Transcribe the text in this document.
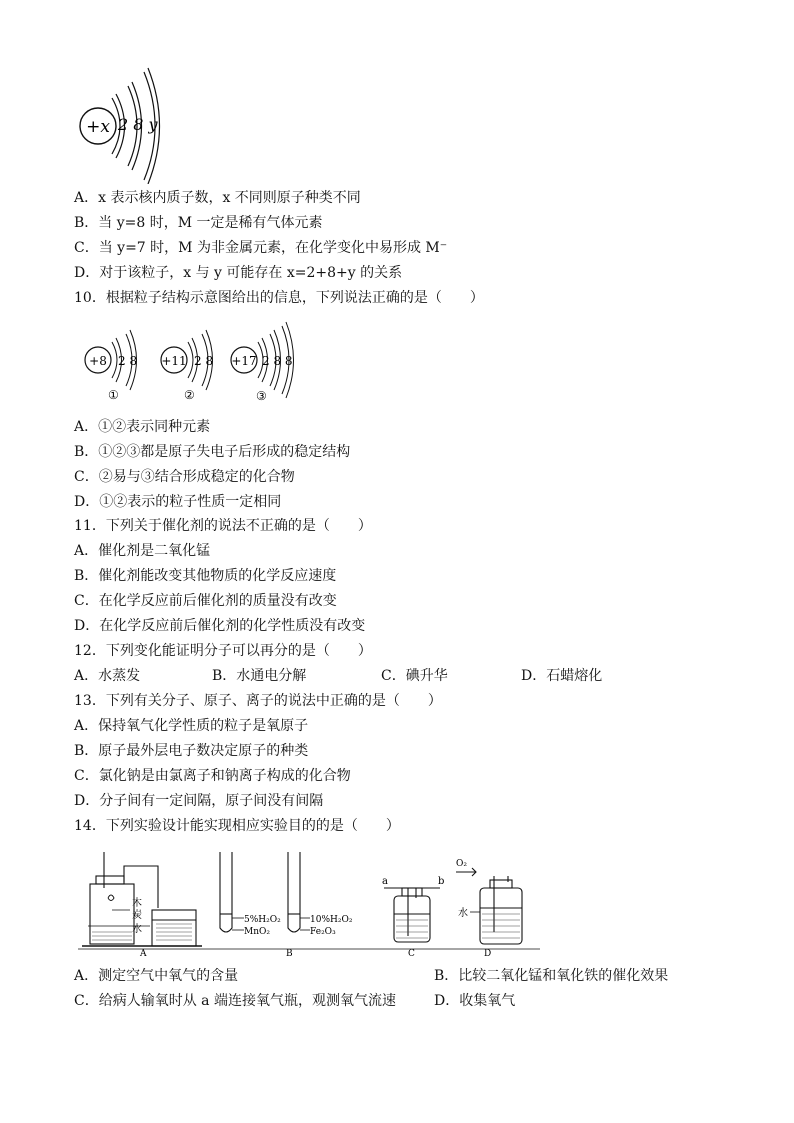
+x 2 8 y
A．x 表示核内质子数，x 不同则原子种类不同
B．当 y=8 时，M 一定是稀有气体元素
C．当 y=7 时，M 为非金属元素，在化学变化中易形成 M⁻
D．对于该粒子，x 与 y 可能存在 x=2+8+y 的关系
10．根据粒子结构示意图给出的信息，下列说法正确的是（　　）
+8 2 8
①
+11 2 8
②
+17 2 8 8
③
A．①②表示同种元素
B．①②③都是原子失电子后形成的稳定结构
C．②易与③结合形成稳定的化合物
D．①②表示的粒子性质一定相同
11．下列关于催化剂的说法不正确的是（　　）
A．催化剂是二氧化锰
B．催化剂能改变其他物质的化学反应速度
C．在化学反应前后催化剂的质量没有改变
D．在化学反应前后催化剂的化学性质没有改变
12．下列变化能证明分子可以再分的是（　　）
A．水蒸发	B．水通电分解	C．碘升华	D．石蜡熔化
13．下列有关分子、原子、离子的说法中正确的是（　　）
A．保持氧气化学性质的粒子是氧原子
B．原子最外层电子数决定原子的种类
C．氯化钠是由氯离子和钠离子构成的化合物
D．分子间有一定间隔，原子间没有间隔
14．下列实验设计能实现相应实验目的的是（　　）
木
炭
水
A
5%H₂O₂
MnO₂
10%H₂O₂
Fe₂O₃
B
a	b
C
O₂
水
D
A．测定空气中氧气的含量	B．比较二氧化锰和氧化铁的催化效果
C．给病人输氧时从 a 端连接氧气瓶，观测氧气流速	D．收集氧气
